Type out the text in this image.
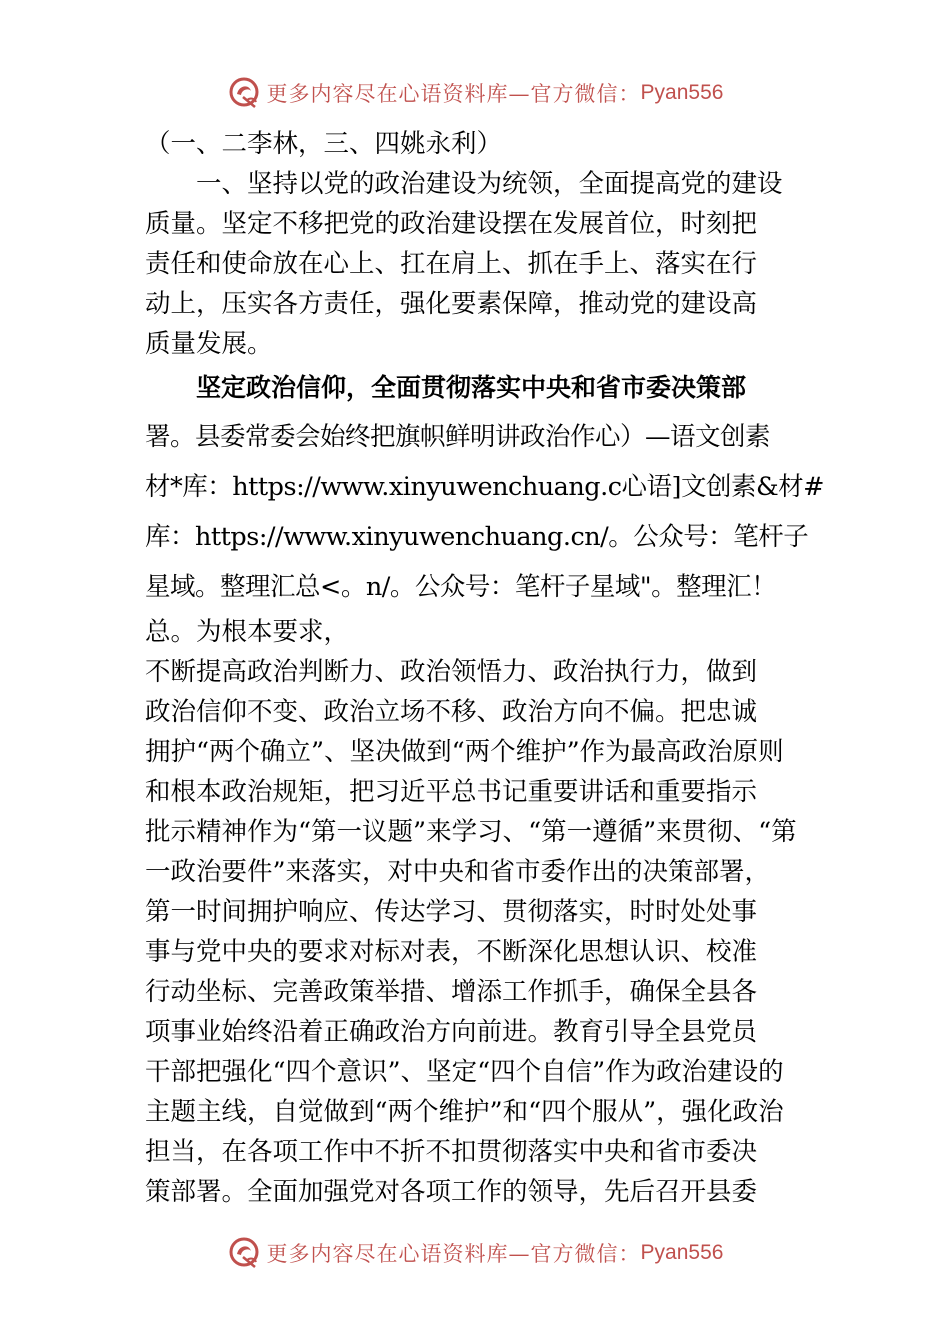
更多内容尽在心语资料库—官方微信： Pyan556
（一、二李林，三、四姚永利）
一、坚持以党的政治建设为统领，全面提高党的建设
质量。坚定不移把党的政治建设摆在发展首位，时刻把
责任和使命放在心上、扛在肩上、抓在手上、落实在行
动上，压实各方责任，强化要素保障，推动党的建设高
质量发展。
坚定政治信仰，全面贯彻落实中央和省市委决策部
署。县委常委会始终把旗帜鲜明讲政治作心）—语文创素
材*库：https://www.xinyuwenchuang.c心语]文创素&材#
库：https://www.xinyuwenchuang.cn/。公众号：笔杆子
星域。整理汇总<。n/。公众号：笔杆子星域"。整理汇！
总。为根本要求，
不断提高政治判断力、政治领悟力、政治执行力，做到
政治信仰不变、政治立场不移、政治方向不偏。把忠诚
拥护“两个确立”、坚决做到“两个维护”作为最高政治原则
和根本政治规矩，把习近平总书记重要讲话和重要指示
批示精神作为“第一议题”来学习、“第一遵循”来贯彻、“第
一政治要件”来落实，对中央和省市委作出的决策部署，
第一时间拥护响应、传达学习、贯彻落实，时时处处事
事与党中央的要求对标对表，不断深化思想认识、校准
行动坐标、完善政策举措、增添工作抓手，确保全县各
项事业始终沿着正确政治方向前进。教育引导全县党员
干部把强化“四个意识”、坚定“四个自信”作为政治建设的
主题主线，自觉做到“两个维护”和“四个服从”，强化政治
担当，在各项工作中不折不扣贯彻落实中央和省市委决
策部署。全面加强党对各项工作的领导，先后召开县委
更多内容尽在心语资料库—官方微信： Pyan556
